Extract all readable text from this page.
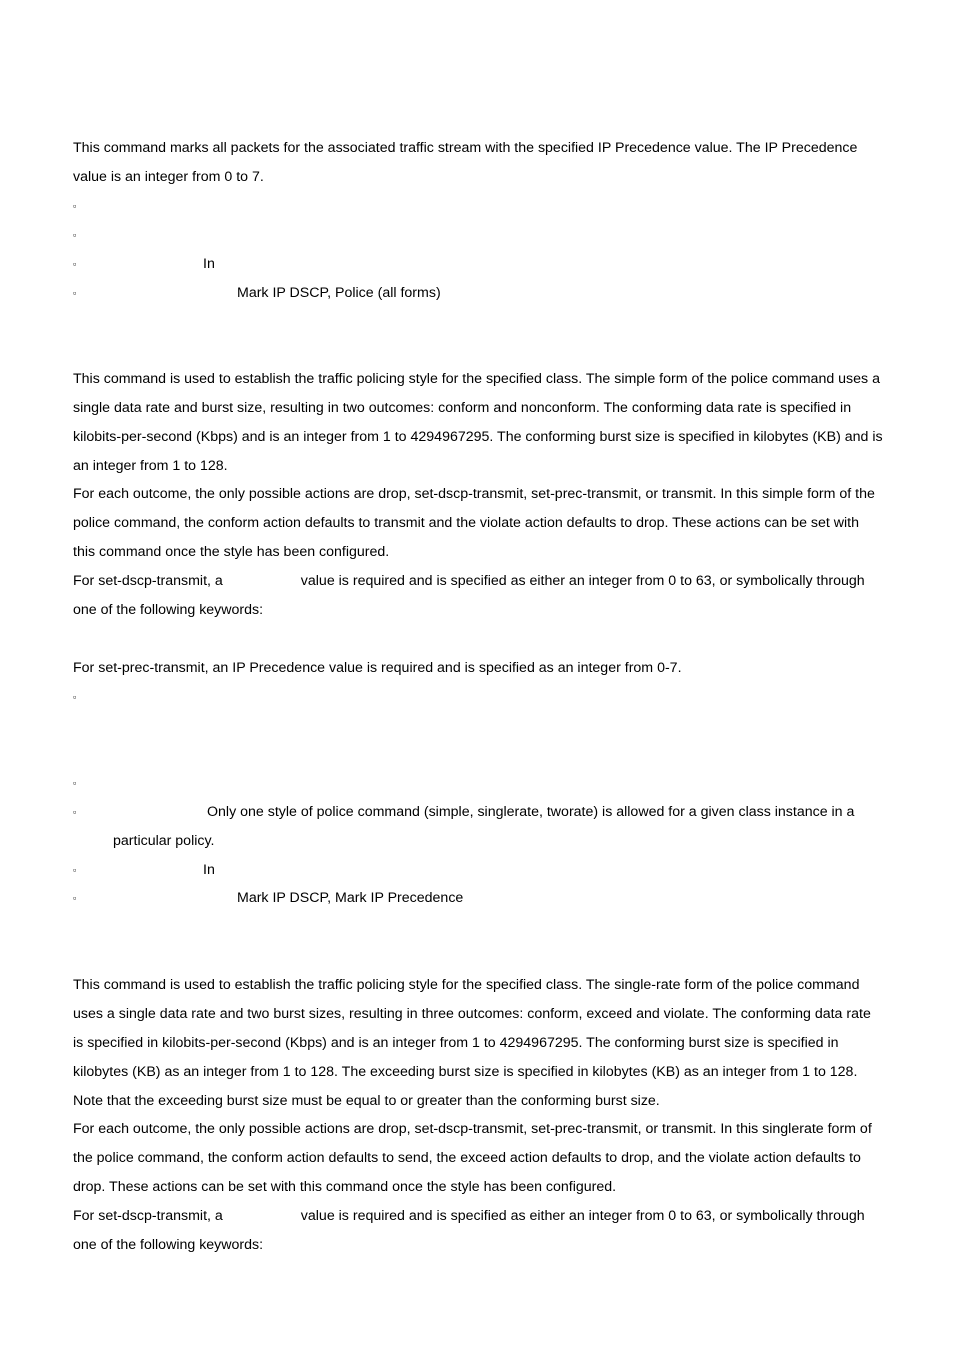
This command marks all packets for the associated traffic stream with the specified IP Precedence value. The IP Precedence value is an integer from 0 to 7.

▫
▫
▫	In
▫	Mark IP DSCP, Police (all forms)

This command is used to establish the traffic policing style for the specified class. The simple form of the police command uses a single data rate and burst size, resulting in two outcomes: conform and nonconform. The conforming data rate is specified in kilobits-per-second (Kbps) and is an integer from 1 to 4294967295. The conforming burst size is specified in kilobytes (KB) and is an integer from 1 to 128.

For each outcome, the only possible actions are drop, set-dscp-transmit, set-prec-transmit, or transmit. In this simple form of the police command, the conform action defaults to transmit and the violate action defaults to drop. These actions can be set with this command once the style has been configured.

For set-dscp-transmit, a	value is required and is specified as either an integer from 0 to 63, or symbolically through one of the following keywords:

For set-prec-transmit, an IP Precedence value is required and is specified as an integer from 0-7.

▫
▫
▫	Only one style of police command (simple, singlerate, tworate) is allowed for a given class instance in a particular policy.
▫	In
▫	Mark IP DSCP, Mark IP Precedence

This command is used to establish the traffic policing style for the specified class. The single-rate form of the police command uses a single data rate and two burst sizes, resulting in three outcomes: conform, exceed and violate. The conforming data rate is specified in kilobits-per-second (Kbps) and is an integer from 1 to 4294967295. The conforming burst size is specified in kilobytes (KB) as an integer from 1 to 128. The exceeding burst size is specified in kilobytes (KB) as an integer from 1 to 128. Note that the exceeding burst size must be equal to or greater than the conforming burst size.

For each outcome, the only possible actions are drop, set-dscp-transmit, set-prec-transmit, or transmit. In this singlerate form of the police command, the conform action defaults to send, the exceed action defaults to drop, and the violate action defaults to drop. These actions can be set with this command once the style has been configured.

For set-dscp-transmit, a	value is required and is specified as either an integer from 0 to 63, or symbolically through one of the following keywords:
